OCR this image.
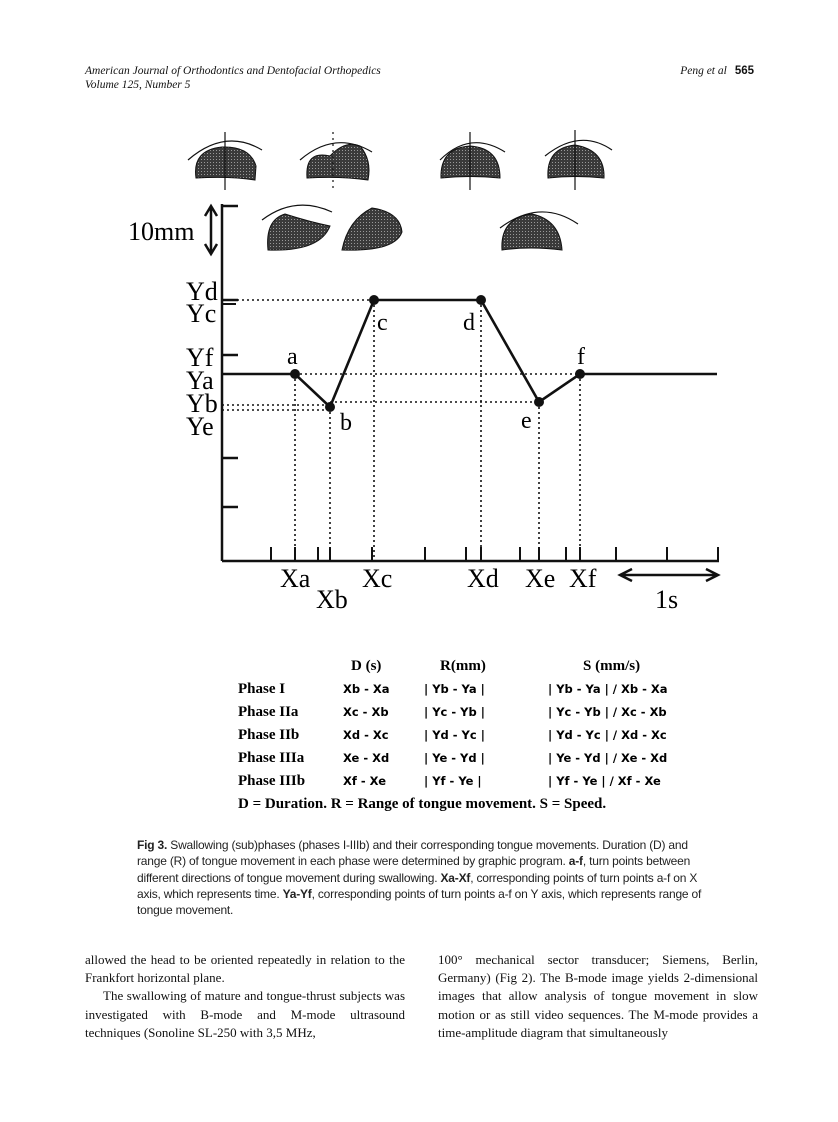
American Journal of Orthodontics and Dentofacial Orthopedics
Volume 125, Number 5
Peng et al 565
10mm
Yd
Yc
Yf
Ya
Yb
Ye
a
b
c	d
e
f
Xa
Xb
Xc	Xd Xe Xf
1s
D (s)	R(mm)	S (mm/s)
Phase I	Xb - Xa	| Yb - Ya |	| Yb - Ya | / Xb - Xa
Phase IIa	Xc - Xb	| Yc - Yb |	| Yc - Yb | / Xc - Xb
Phase IIb	Xd - Xc	| Yd - Yc |	| Yd - Yc | / Xd - Xc
Phase IIIa	Xe - Xd	| Ye - Yd |	| Ye - Yd | / Xe - Xd
Phase IIIb	Xf - Xe	| Yf - Ye |	| Yf - Ye | / Xf - Xe
D = Duration. R = Range of tongue movement. S = Speed.
Fig 3. Swallowing (sub)phases (phases I-IIIb) and their corresponding tongue movements. Duration (D) and range (R) of tongue movement in each phase were determined by graphic program. a-f, turn points between different directions of tongue movement during swallowing. Xa-Xf, corresponding points of turn points a-f on X axis, which represents time. Ya-Yf, corresponding points of turn points a-f on Y axis, which represents range of tongue movement.
allowed the head to be oriented repeatedly in relation to the Frankfort horizontal plane.
The swallowing of mature and tongue-thrust subjects was investigated with B-mode and M-mode ultrasound techniques (Sonoline SL-250 with 3,5 MHz,
100° mechanical sector transducer; Siemens, Berlin, Germany) (Fig 2). The B-mode image yields 2-dimensional images that allow analysis of tongue movement in slow motion or as still video sequences. The M-mode provides a time-amplitude diagram that simultaneously
